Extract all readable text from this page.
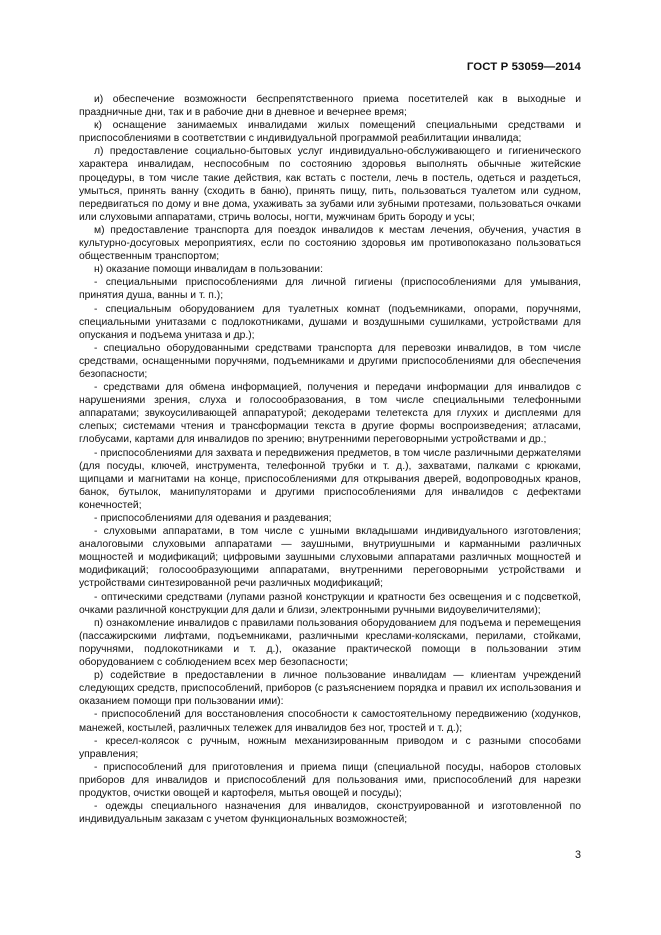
ГОСТ Р 53059—2014

и) обеспечение возможности беспрепятственного приема посетителей как в выходные и праздничные дни, так и в рабочие дни в дневное и вечернее время;

к) оснащение занимаемых инвалидами жилых помещений специальными средствами и приспособлениями в соответствии с индивидуальной программой реабилитации инвалида;

л) предоставление социально-бытовых услуг индивидуально-обслуживающего и гигиенического характера инвалидам, неспособным по состоянию здоровья выполнять обычные житейские процедуры, в том числе такие действия, как встать с постели, лечь в постель, одеться и раздеться, умыться, принять ванну (сходить в баню), принять пищу, пить, пользоваться туалетом или судном, передвигаться по дому и вне дома, ухаживать за зубами или зубными протезами, пользоваться очками или слуховыми аппаратами, стричь волосы, ногти, мужчинам брить бороду и усы;

м) предоставление транспорта для поездок инвалидов к местам лечения, обучения, участия в культурно-досуговых мероприятиях, если по состоянию здоровья им противопоказано пользоваться общественным транспортом;

н) оказание помощи инвалидам в пользовании:

- специальными приспособлениями для личной гигиены (приспособлениями для умывания, принятия душа, ванны и т. п.);

- специальным оборудованием для туалетных комнат (подъемниками, опорами, поручнями, специальными унитазами с подлокотниками, душами и воздушными сушилками, устройствами для опускания и подъема унитаза и др.);

- специально оборудованными средствами транспорта для перевозки инвалидов, в том числе средствами, оснащенными поручнями, подъемниками и другими приспособлениями для обеспечения безопасности;

- средствами для обмена информацией, получения и передачи информации для инвалидов с нарушениями зрения, слуха и голосообразования, в том числе специальными телефонными аппаратами; звукоусиливающей аппаратурой; декодерами телетекста для глухих и дисплеями для слепых; системами чтения и трансформации текста в другие формы воспроизведения; атласами, глобусами, картами для инвалидов по зрению; внутренними переговорными устройствами и др.;

- приспособлениями для захвата и передвижения предметов, в том числе различными держателями (для посуды, ключей, инструмента, телефонной трубки и т. д.), захватами, палками с крюками, щипцами и магнитами на конце, приспособлениями для открывания дверей, водопроводных кранов, банок, бутылок, манипуляторами и другими приспособлениями для инвалидов с дефектами конечностей;

- приспособлениями для одевания и раздевания;

- слуховыми аппаратами, в том числе с ушными вкладышами индивидуального изготовления; аналоговыми слуховыми аппаратами — заушными, внутриушными и карманными различных мощностей и модификаций; цифровыми заушными слуховыми аппаратами различных мощностей и модификаций; голосообразующими аппаратами, внутренними переговорными устройствами и устройствами синтезированной речи различных модификаций;

- оптическими средствами (лупами разной конструкции и кратности без освещения и с подсветкой, очками различной конструкции для дали и близи, электронными ручными видоувеличителями);

п) ознакомление инвалидов с правилами пользования оборудованием для подъема и перемещения (пассажирскими лифтами, подъемниками, различными креслами-колясками, перилами, стойками, поручнями, подлокотниками и т. д.), оказание практической помощи в пользовании этим оборудованием с соблюдением всех мер безопасности;

р) содействие в предоставлении в личное пользование инвалидам — клиентам учреждений следующих средств, приспособлений, приборов (с разъяснением порядка и правил их использования и оказанием помощи при пользовании ими):

- приспособлений для восстановления способности к самостоятельному передвижению (ходунков, манежей, костылей, различных тележек для инвалидов без ног, тростей и т. д.);

- кресел-колясок с ручным, ножным механизированным приводом и с разными способами управления;

- приспособлений для приготовления и приема пищи (специальной посуды, наборов столовых приборов для инвалидов и приспособлений для пользования ими, приспособлений для нарезки продуктов, очистки овощей и картофеля, мытья овощей и посуды);

- одежды специального назначения для инвалидов, сконструированной и изготовленной по индивидуальным заказам с учетом функциональных возможностей;

3
